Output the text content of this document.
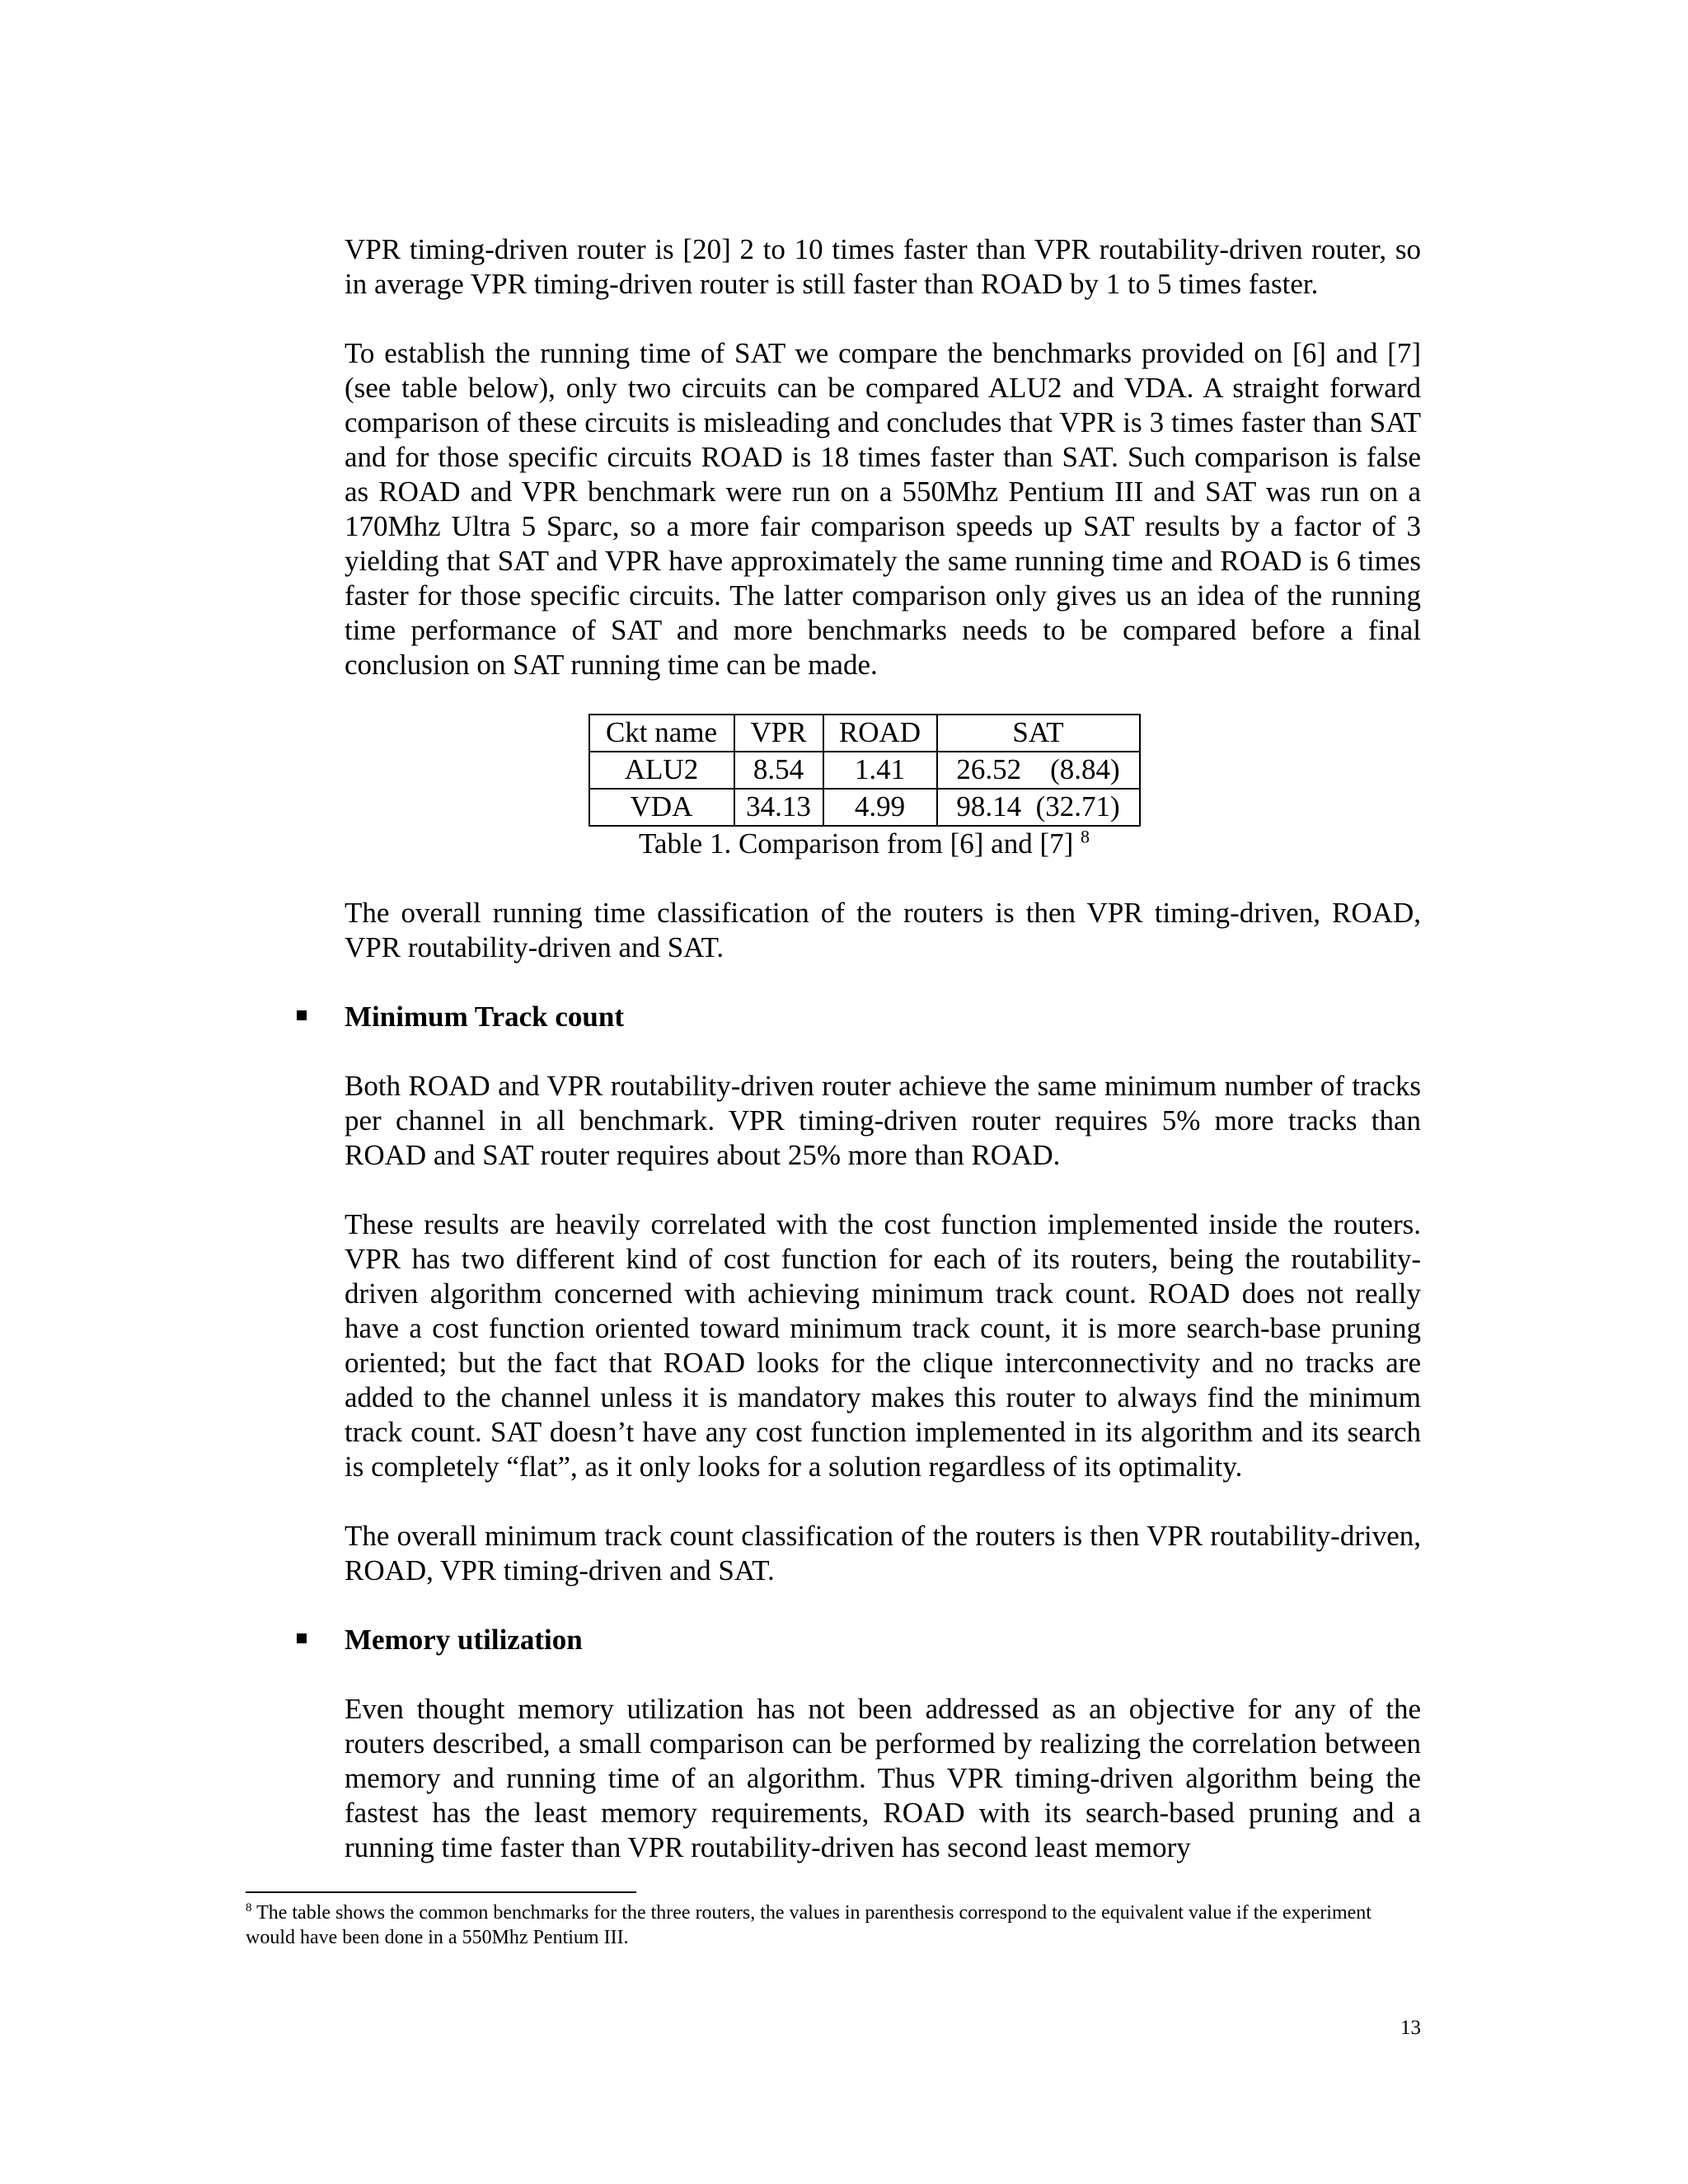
VPR timing-driven router is [20] 2 to 10 times faster than VPR routability-driven router, so in average VPR timing-driven router is still faster than ROAD by 1 to 5 times faster.

To establish the running time of SAT we compare the benchmarks provided on [6] and [7] (see table below), only two circuits can be compared ALU2 and VDA. A straight forward comparison of these circuits is misleading and concludes that VPR is 3 times faster than SAT and for those specific circuits ROAD is 18 times faster than SAT. Such comparison is false as ROAD and VPR benchmark were run on a 550Mhz Pentium III and SAT was run on a 170Mhz Ultra 5 Sparc, so a more fair comparison speeds up SAT results by a factor of 3 yielding that SAT and VPR have approximately the same running time and ROAD is 6 times faster for those specific circuits. The latter comparison only gives us an idea of the running time performance of SAT and more benchmarks needs to be compared before a final conclusion on SAT running time can be made.

Ckt name	VPR	ROAD	SAT
ALU2	8.54	1.41	26.52    (8.84)
VDA	34.13	4.99	98.14  (32.71)
Table 1. Comparison from [6] and [7] $^8$

The overall running time classification of the routers is then VPR timing-driven, ROAD, VPR routability-driven and SAT.

Minimum Track count

Both ROAD and VPR routability-driven router achieve the same minimum number of tracks per channel in all benchmark. VPR timing-driven router requires 5% more tracks than ROAD and SAT router requires about 25% more than ROAD.

These results are heavily correlated with the cost function implemented inside the routers. VPR has two different kind of cost function for each of its routers, being the routability-driven algorithm concerned with achieving minimum track count. ROAD does not really have a cost function oriented toward minimum track count, it is more search-base pruning oriented; but the fact that ROAD looks for the clique interconnectivity and no tracks are added to the channel unless it is mandatory makes this router to always find the minimum track count. SAT doesn’t have any cost function implemented in its algorithm and its search is completely “flat”, as it only looks for a solution regardless of its optimality.

The overall minimum track count classification of the routers is then VPR routability-driven, ROAD, VPR timing-driven and SAT.

Memory utilization

Even thought memory utilization has not been addressed as an objective for any of the routers described, a small comparison can be performed by realizing the correlation between memory and running time of an algorithm. Thus VPR timing-driven algorithm being the fastest has the least memory requirements, ROAD with its search-based pruning and a running time faster than VPR routability-driven has second least memory

$^8$ The table shows the common benchmarks for the three routers, the values in parenthesis correspond to the equivalent value if the experiment would have been done in a 550Mhz Pentium III.
13
